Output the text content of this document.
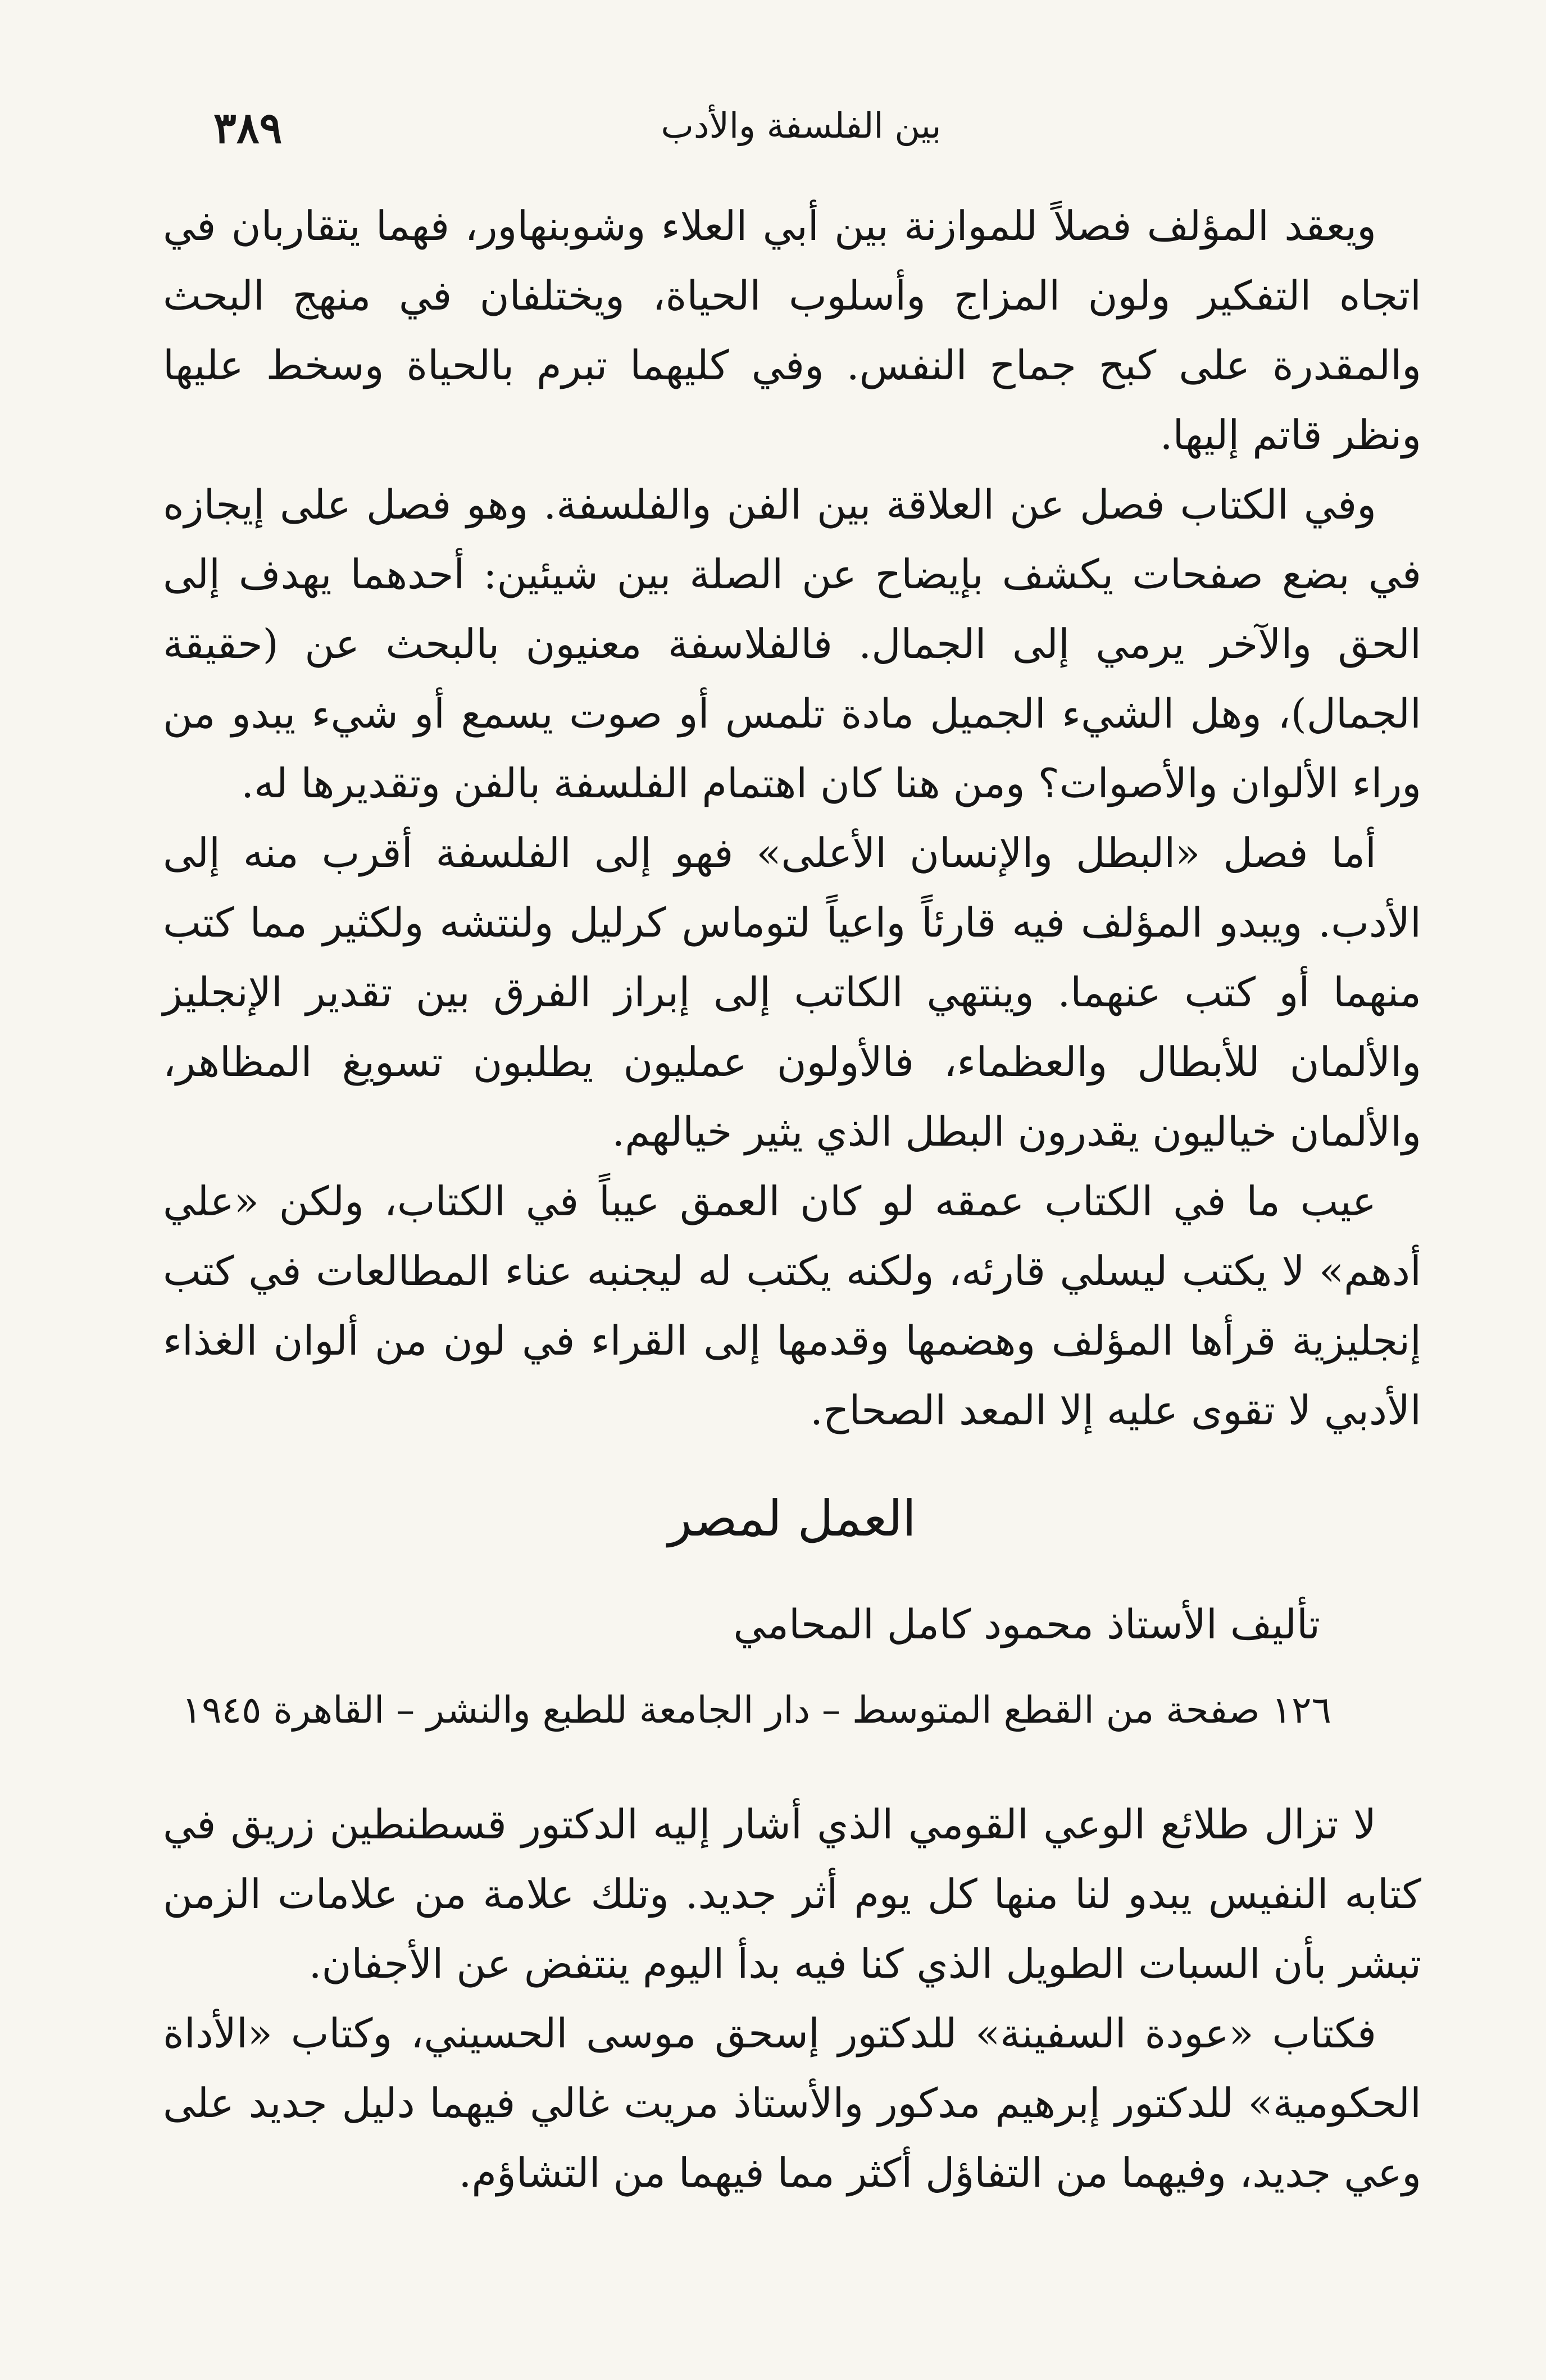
بين الفلسفة والأدب
٣٨٩

ويعقد المؤلف فصلاً للموازنة بين أبي العلاء وشوبنهاور، فهما يتقاربان في اتجاه التفكير ولون المزاج وأسلوب الحياة، ويختلفان في منهج البحث والمقدرة على كبح جماح النفس. وفي كليهما تبرم بالحياة وسخط عليها ونظر قاتم إليها.

وفي الكتاب فصل عن العلاقة بين الفن والفلسفة. وهو فصل على إيجازه في بضع صفحات يكشف بإيضاح عن الصلة بين شيئين: أحدهما يهدف إلى الحق والآخر يرمي إلى الجمال. فالفلاسفة معنيون بالبحث عن (حقيقة الجمال)، وهل الشيء الجميل مادة تلمس أو صوت يسمع أو شيء يبدو من وراء الألوان والأصوات؟ ومن هنا كان اهتمام الفلسفة بالفن وتقديرها له.

أما فصل «البطل والإنسان الأعلى» فهو إلى الفلسفة أقرب منه إلى الأدب. ويبدو المؤلف فيه قارئاً واعياً لتوماس كرليل ولنتشه ولكثير مما كتب منهما أو كتب عنهما. وينتهي الكاتب إلى إبراز الفرق بين تقدير الإنجليز والألمان للأبطال والعظماء، فالأولون عمليون يطلبون تسويغ المظاهر، والألمان خياليون يقدرون البطل الذي يثير خيالهم.

عيب ما في الكتاب عمقه لو كان العمق عيباً في الكتاب، ولكن «علي أدهم» لا يكتب ليسلي قارئه، ولكنه يكتب له ليجنبه عناء المطالعات في كتب إنجليزية قرأها المؤلف وهضمها وقدمها إلى القراء في لون من ألوان الغذاء الأدبي لا تقوى عليه إلا المعد الصحاح.

العمل لمصر
تأليف الأستاذ محمود كامل المحامي
١٢٦ صفحة من القطع المتوسط – دار الجامعة للطبع والنشر – القاهرة ١٩٤٥

لا تزال طلائع الوعي القومي الذي أشار إليه الدكتور قسطنطين زريق في كتابه النفيس يبدو لنا منها كل يوم أثر جديد. وتلك علامة من علامات الزمن تبشر بأن السبات الطويل الذي كنا فيه بدأ اليوم ينتفض عن الأجفان.

فكتاب «عودة السفينة» للدكتور إسحق موسى الحسيني، وكتاب «الأداة الحكومية» للدكتور إبرهيم مدكور والأستاذ مريت غالي فيهما دليل جديد على وعي جديد، وفيهما من التفاؤل أكثر مما فيهما من التشاؤم.
